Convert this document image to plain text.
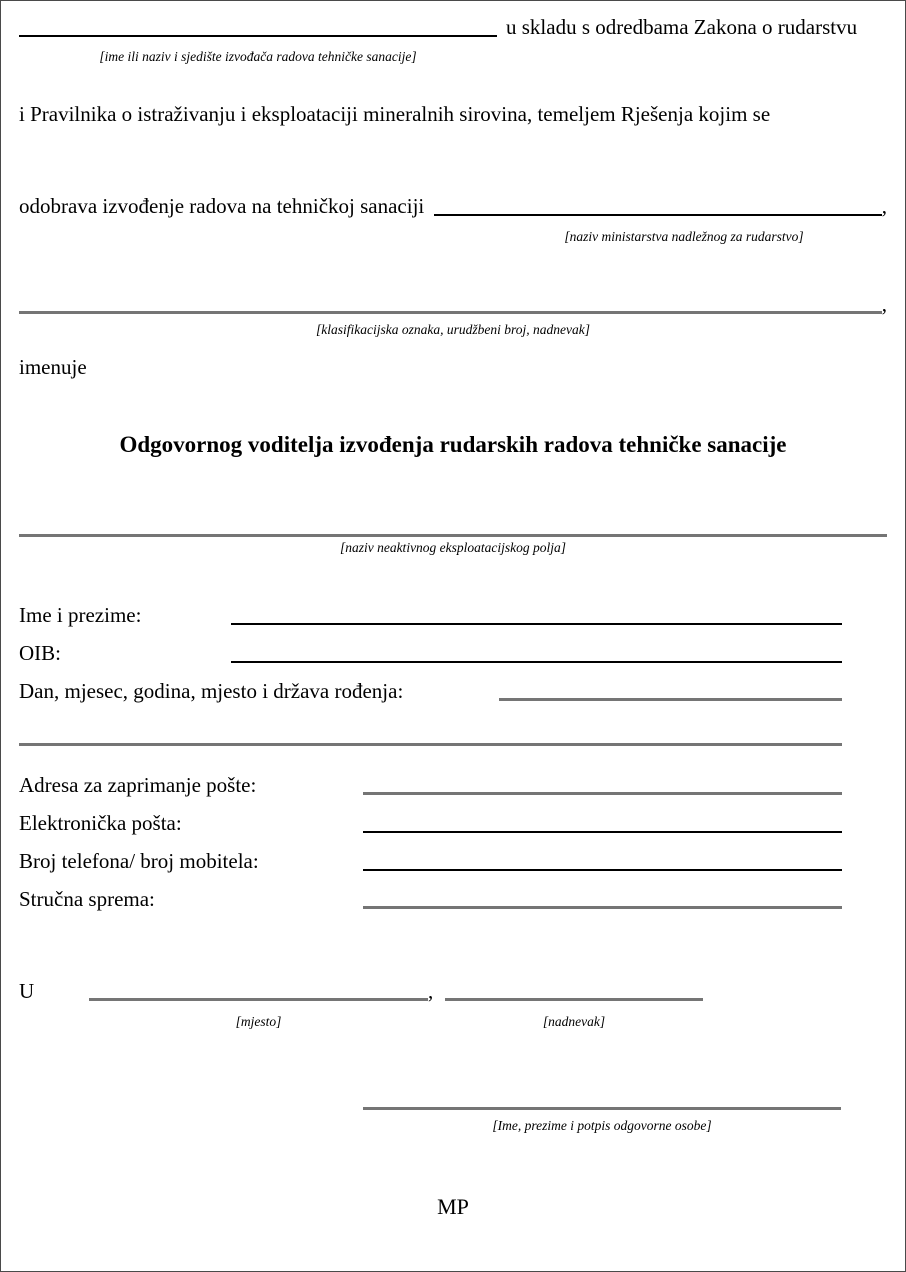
u skladu s odredbama Zakona o rudarstvu
[ime ili naziv i sjedište izvođača radova tehničke sanacije]
i Pravilnika o istraživanju i eksploataciji mineralnih sirovina, temeljem Rješenja kojim se
odobrava izvođenje radova na tehničkoj sanaciji	,
[naziv ministarstva nadležnog za rudarstvo]
,
[klasifikacijska oznaka, urudžbeni broj, nadnevak]
imenuje
Odgovornog voditelja izvođenja rudarskih radova tehničke sanacije
[naziv neaktivnog eksploatacijskog polja]
Ime i prezime:
OIB:
Dan, mjesec, godina, mjesto i država rođenja:
Adresa za zaprimanje pošte:
Elektronička pošta:
Broj telefona/ broj mobitela:
Stručna sprema:
U	,
[mjesto]	[nadnevak]
[Ime, prezime i potpis odgovorne osobe]
MP
